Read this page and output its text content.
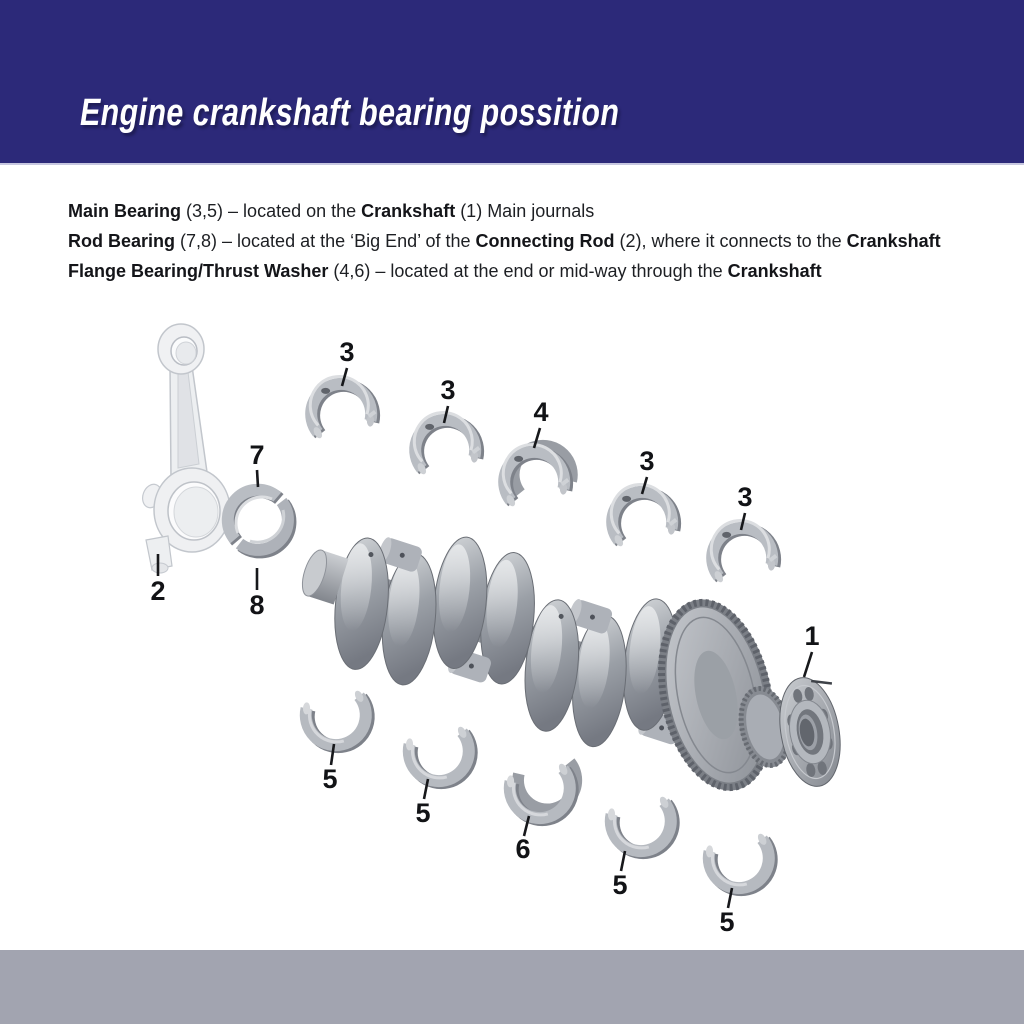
Engine crankshaft bearing possition
Main Bearing (3,5) – located on the Crankshaft (1) Main journals
Rod Bearing (7,8) – located at the ‘Big End’ of the Connecting Rod (2), where it connects to the Crankshaft
Flange Bearing/Thrust Washer (4,6) – located at the end or mid-way through the Crankshaft
3
3
4
3
3
1
7
2	8
5
5
6
5
5
